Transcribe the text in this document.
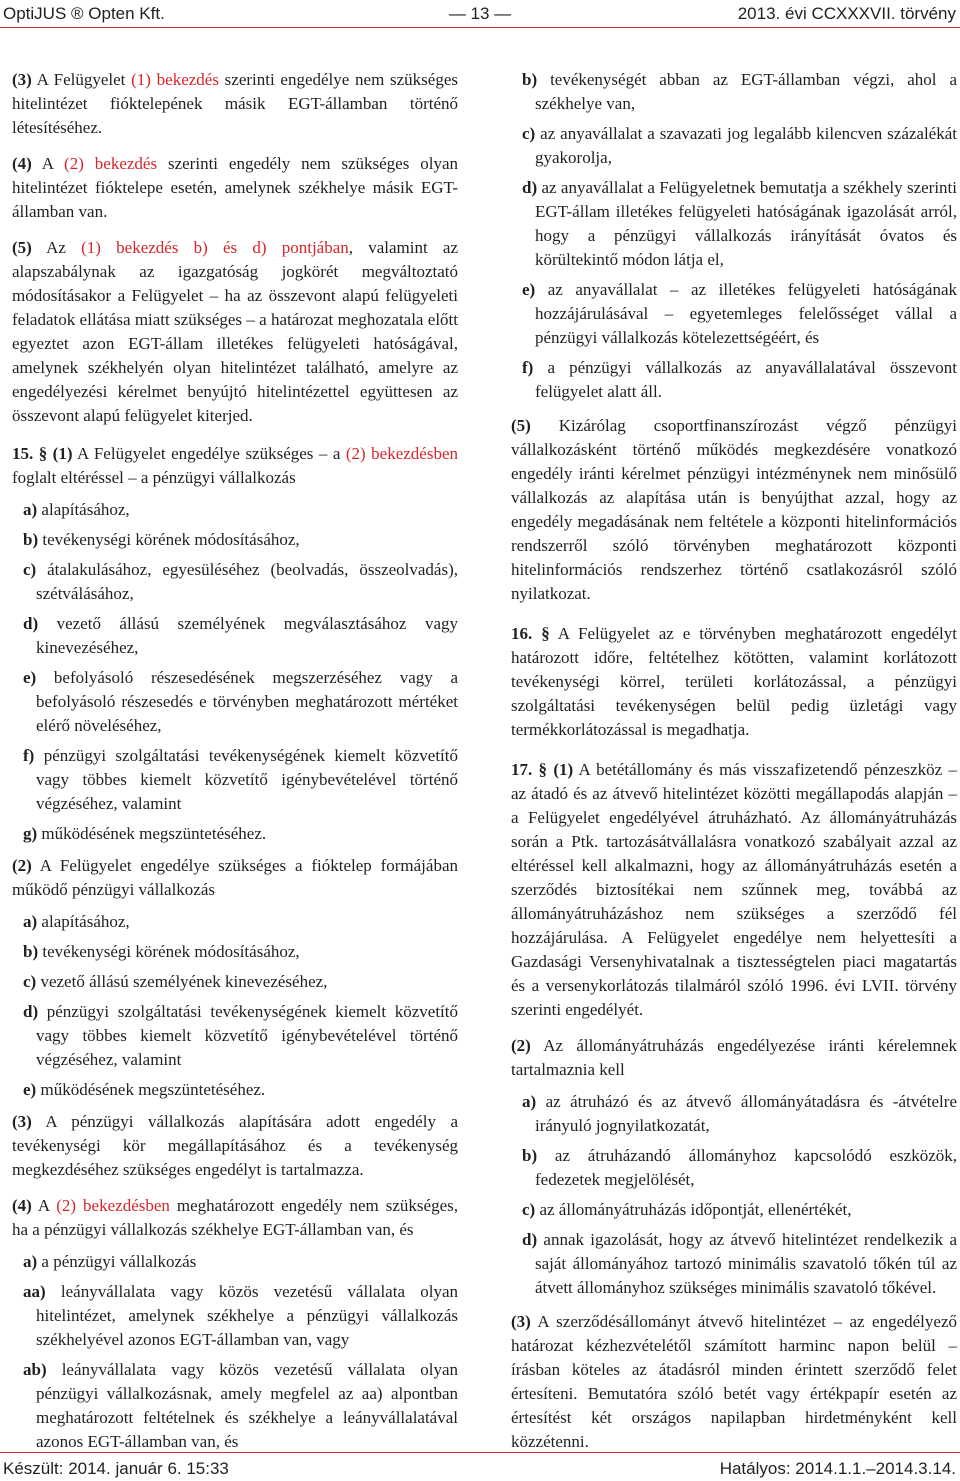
OptiJUS ® Opten Kft.	— 13 —	2013. évi CCXXXVII. törvény

(3) A Felügyelet (1) bekezdés szerinti engedélye nem szükséges hitelintézet fióktelepének másik EGT-államban történő létesítéséhez.

(4) A (2) bekezdés szerinti engedély nem szükséges olyan hitelintézet fióktelepe esetén, amelynek székhelye másik EGT-államban van.

(5) Az (1) bekezdés b) és d) pontjában, valamint az alapszabálynak az igazgatóság jogkörét megváltoztató módosításakor a Felügyelet – ha az összevont alapú felügyeleti feladatok ellátása miatt szükséges – a határozat meghozatala előtt egyeztet azon EGT-állam illetékes felügyeleti hatóságával, amelynek székhelyén olyan hitelintézet található, amelyre az engedélyezési kérelmet benyújtó hitelintézettel együttesen az összevont alapú felügyelet kiterjed.

15. § (1) A Felügyelet engedélye szükséges – a (2) bekezdésben foglalt eltéréssel – a pénzügyi vállalkozás

a) alapításához,
b) tevékenységi körének módosításához,
c) átalakulásához, egyesüléséhez (beolvadás, összeolvadás), szétválásához,
d) vezető állású személyének megválasztásához vagy kinevezéséhez,
e) befolyásoló részesedésének megszerzéséhez vagy a befolyásoló részesedés e törvényben meghatározott mértéket elérő növeléséhez,
f) pénzügyi szolgáltatási tevékenységének kiemelt közvetítő vagy többes kiemelt közvetítő igénybevételével történő végzéséhez, valamint
g) működésének megszüntetéséhez.

(2) A Felügyelet engedélye szükséges a fióktelep formájában működő pénzügyi vállalkozás

a) alapításához,
b) tevékenységi körének módosításához,
c) vezető állású személyének kinevezéséhez,
d) pénzügyi szolgáltatási tevékenységének kiemelt közvetítő vagy többes kiemelt közvetítő igénybevételével történő végzéséhez, valamint
e) működésének megszüntetéséhez.

(3) A pénzügyi vállalkozás alapítására adott engedély a tevékenységi kör megállapításához és a tevékenység megkezdéséhez szükséges engedélyt is tartalmazza.

(4) A (2) bekezdésben meghatározott engedély nem szükséges, ha a pénzügyi vállalkozás székhelye EGT-államban van, és

a) a pénzügyi vállalkozás
aa) leányvállalata vagy közös vezetésű vállalata olyan hitelintézet, amelynek székhelye a pénzügyi vállalkozás székhelyével azonos EGT-államban van, vagy
ab) leányvállalata vagy közös vezetésű vállalata olyan pénzügyi vállalkozásnak, amely megfelel az aa) alpontban meghatározott feltételnek és székhelye a leányvállalatával azonos EGT-államban van, és
b) tevékenységét abban az EGT-államban végzi, ahol a székhelye van,
c) az anyavállalat a szavazati jog legalább kilencven százalékát gyakorolja,
d) az anyavállalat a Felügyeletnek bemutatja a székhely szerinti EGT-állam illetékes felügyeleti hatóságának igazolását arról, hogy a pénzügyi vállalkozás irányítását óvatos és körültekintő módon látja el,
e) az anyavállalat – az illetékes felügyeleti hatóságának hozzájárulásával – egyetemleges felelősséget vállal a pénzügyi vállalkozás kötelezettségéért, és
f) a pénzügyi vállalkozás az anyavállalatával összevont felügyelet alatt áll.

(5) Kizárólag csoportfinanszírozást végző pénzügyi vállalkozásként történő működés megkezdésére vonatkozó engedély iránti kérelmet pénzügyi intézménynek nem minősülő vállalkozás az alapítása után is benyújthat azzal, hogy az engedély megadásának nem feltétele a központi hitelinformációs rendszerről szóló törvényben meghatározott központi hitelinformációs rendszerhez történő csatlakozásról szóló nyilatkozat.

16. § A Felügyelet az e törvényben meghatározott engedélyt határozott időre, feltételhez kötötten, valamint korlátozott tevékenységi körrel, területi korlátozással, a pénzügyi szolgáltatási tevékenységen belül pedig üzletági vagy termékkorlátozással is megadhatja.

17. § (1) A betétállomány és más visszafizetendő pénzeszköz – az átadó és az átvevő hitelintézet közötti megállapodás alapján – a Felügyelet engedélyével átruházható. Az állományátruházás során a Ptk. tartozásátvállalásra vonatkozó szabályait azzal az eltéréssel kell alkalmazni, hogy az állományátruházás esetén a szerződés biztosítékai nem szűnnek meg, továbbá az állományátruházáshoz nem szükséges a szerződő fél hozzájárulása. A Felügyelet engedélye nem helyettesíti a Gazdasági Versenyhivatalnak a tisztességtelen piaci magatartás és a versenykorlátozás tilalmáról szóló 1996. évi LVII. törvény szerinti engedélyét.

(2) Az állományátruházás engedélyezése iránti kérelemnek tartalmaznia kell

a) az átruházó és az átvevő állományátadásra és -átvételre irányuló jognyilatkozatát,
b) az átruházandó állományhoz kapcsolódó eszközök, fedezetek megjelölését,
c) az állományátruházás időpontját, ellenértékét,
d) annak igazolását, hogy az átvevő hitelintézet rendelkezik a saját állományához tartozó minimális szavatoló tőkén túl az átvett állományhoz szükséges minimális szavatoló tőkével.

(3) A szerződésállományt átvevő hitelintézet – az engedélyező határozat kézhezvételétől számított harminc napon belül – írásban köteles az átadásról minden érintett szerződő felet értesíteni. Bemutatóra szóló betét vagy értékpapír esetén az értesítést két országos napilapban hirdetményként kell közzétenni.

Készült: 2014. január 6. 15:33	Hatályos: 2014.1.1.–2014.3.14.
